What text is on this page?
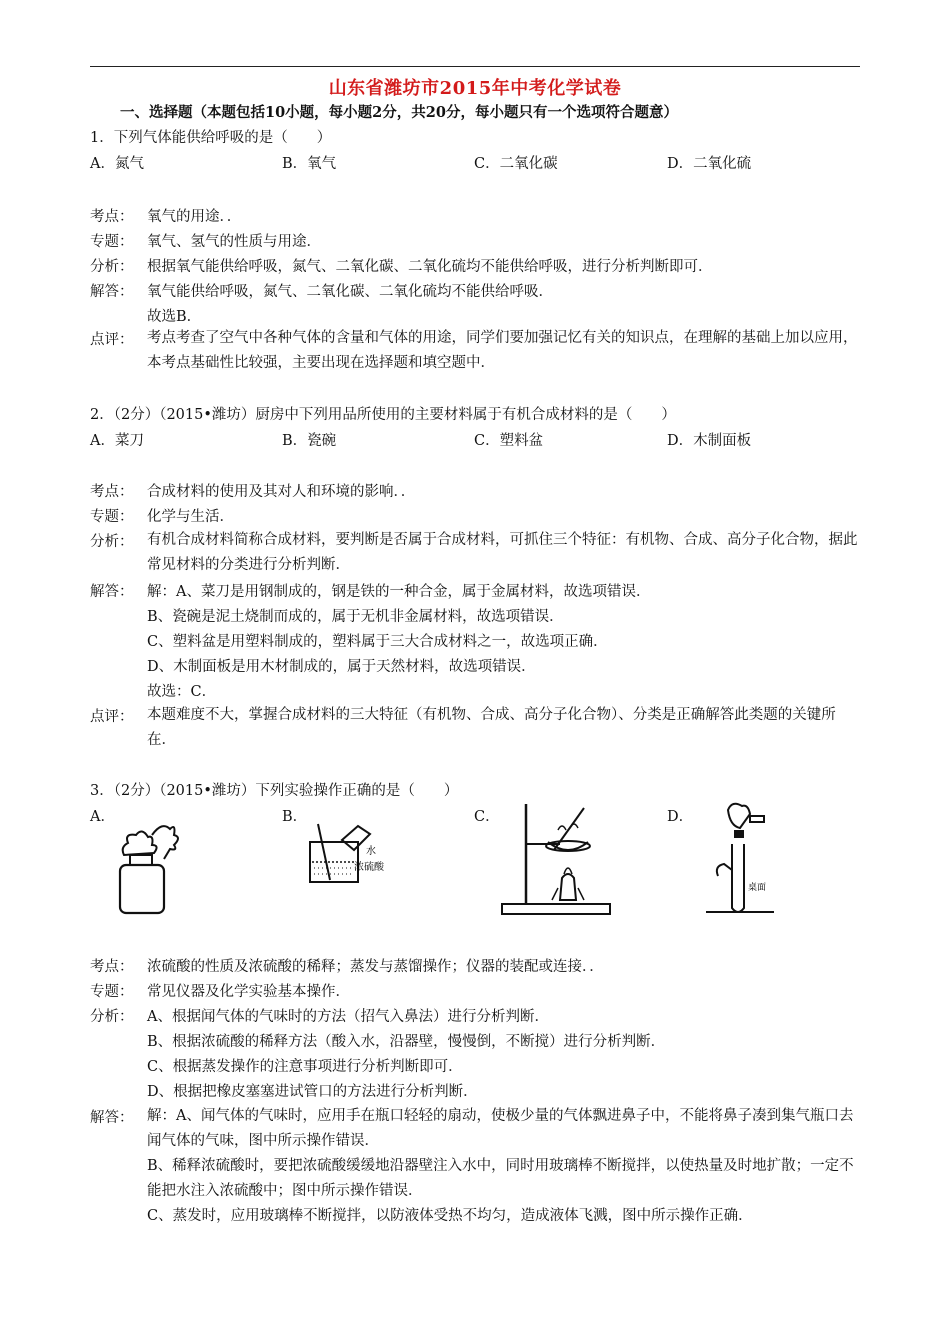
山东省潍坊市2015年中考化学试卷
一、选择题（本题包括10小题，每小题2分，共20分，每小题只有一个选项符合题意）
1．下列气体能供给呼吸的是（　　）
A．氮气	B．氧气	C．二氧化碳	D．二氧化硫
考点： 氧气的用途．．
专题： 氧气、氢气的性质与用途．
分析： 根据氧气能供给呼吸，氮气、二氧化碳、二氧化硫均不能供给呼吸，进行分析判断即可．
解答： 氧气能供给呼吸，氮气、二氧化碳、二氧化硫均不能供给呼吸．
故选B．
点评： 考点考查了空气中各种气体的含量和气体的用途，同学们要加强记忆有关的知识点，在理解的基础上加以应用，本考点基础性比较强，主要出现在选择题和填空题中．
2．（2分）（2015•潍坊）厨房中下列用品所使用的主要材料属于有机合成材料的是（　　）
A．菜刀	B．瓷碗	C．塑料盆	D．木制面板
考点： 合成材料的使用及其对人和环境的影响．．
专题： 化学与生活．
分析： 有机合成材料简称合成材料，要判断是否属于合成材料，可抓住三个特征：有机物、合成、高分子化合物，据此常见材料的分类进行分析判断．
解答： 解：A、菜刀是用钢制成的，钢是铁的一种合金，属于金属材料，故选项错误．
B、瓷碗是泥土烧制而成的，属于无机非金属材料，故选项错误．
C、塑料盆是用塑料制成的，塑料属于三大合成材料之一，故选项正确．
D、木制面板是用木材制成的，属于天然材料，故选项错误．
故选：C．
点评： 本题难度不大，掌握合成材料的三大特征（有机物、合成、高分子化合物）、分类是正确解答此类题的关键所在．
3．（2分）（2015•潍坊）下列实验操作正确的是（　　）
A．	B．	C．	D．
水
浓硫酸
桌面
考点： 浓硫酸的性质及浓硫酸的稀释；蒸发与蒸馏操作；仪器的装配或连接．．
专题： 常见仪器及化学实验基本操作．
分析： A、根据闻气体的气味时的方法（招气入鼻法）进行分析判断．
B、根据浓硫酸的稀释方法（酸入水，沿器壁，慢慢倒，不断搅）进行分析判断．
C、根据蒸发操作的注意事项进行分析判断即可．
D、根据把橡皮塞塞进试管口的方法进行分析判断．
解答： 解：A、闻气体的气味时，应用手在瓶口轻轻的扇动，使极少量的气体飘进鼻子中，不能将鼻子凑到集气瓶口去闻气体的气味，图中所示操作错误．
B、稀释浓硫酸时，要把浓硫酸缓缓地沿器壁注入水中，同时用玻璃棒不断搅拌，以使热量及时地扩散；一定不能把水注入浓硫酸中；图中所示操作错误．
C、蒸发时，应用玻璃棒不断搅拌，以防液体受热不均匀，造成液体飞溅，图中所示操作正确．
